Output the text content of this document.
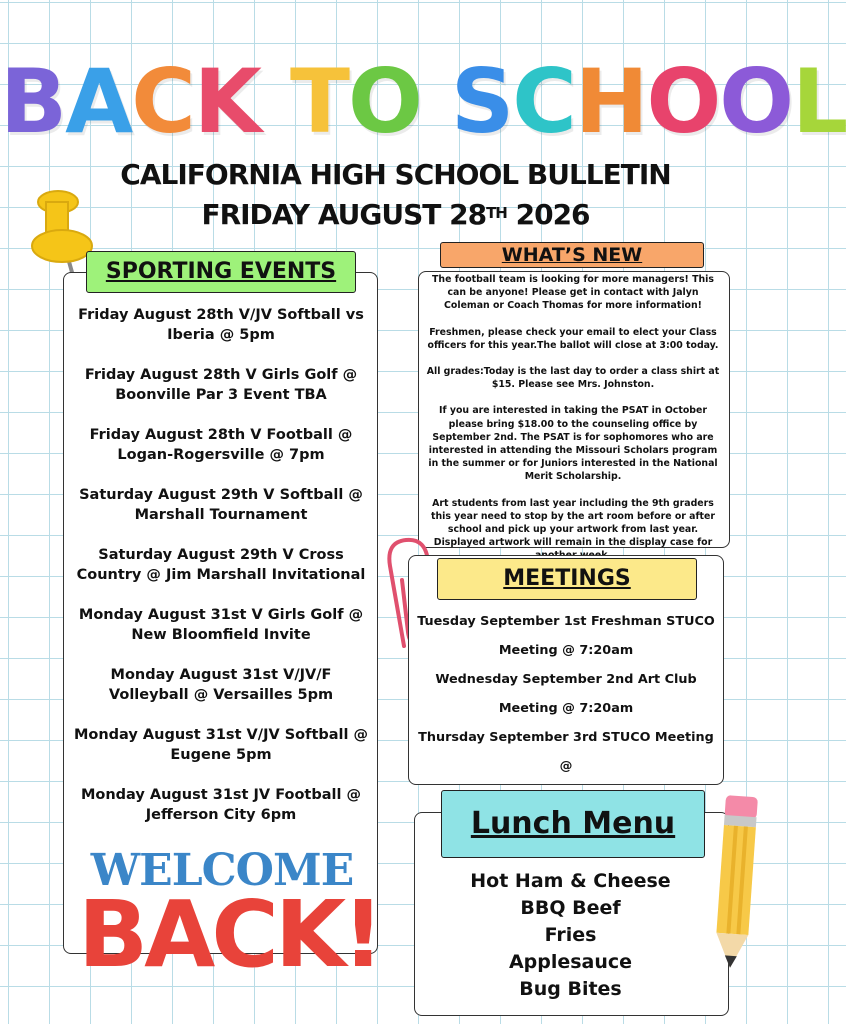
BACK TO SCHOOL
CALIFORNIA HIGH SCHOOL BULLETIN
FRIDAY AUGUST 28TH 2026
SPORTING EVENTS
Friday August 28th V/JV Softball vs Iberia @ 5pm
Friday August 28th V Girls Golf @ Boonville Par 3 Event TBA
Friday August 28th V Football @ Logan-Rogersville @ 7pm
Saturday August 29th V Softball @ Marshall Tournament
Saturday August 29th V Cross Country @ Jim Marshall Invitational
Monday August 31st V Girls Golf @ New Bloomfield Invite
Monday August 31st V/JV/F Volleyball @ Versailles 5pm
Monday August 31st V/JV Softball @ Eugene 5pm
Monday August 31st JV Football @ Jefferson City 6pm
WELCOME
BACK!
WHAT’S NEW
The football team is looking for more managers! This can be anyone! Please get in contact with Jalyn Coleman or Coach Thomas for more information!
Freshmen, please check your email to elect your Class officers for this year.The ballot will close at 3:00 today.
All grades:Today is the last day to order a class shirt at $15. Please see Mrs. Johnston.
If you are interested in taking the PSAT in October please bring $18.00 to the counseling office by September 2nd. The PSAT is for sophomores who are interested in attending the Missouri Scholars program in the summer or for Juniors interested in the National Merit Scholarship.
Art students from last year including the 9th graders this year need to stop by the art room before or after school and pick up your artwork from last year. Displayed artwork will remain in the display case for
MEETINGS
Tuesday September 1st Freshman STUCO
Meeting @ 7:20am
Wednesday September 2nd Art Club
Meeting @ 7:20am
Thursday September 3rd STUCO Meeting @
Lunch Menu
Hot Ham & Cheese
BBQ Beef
Fries
Applesauce
Bug Bites
